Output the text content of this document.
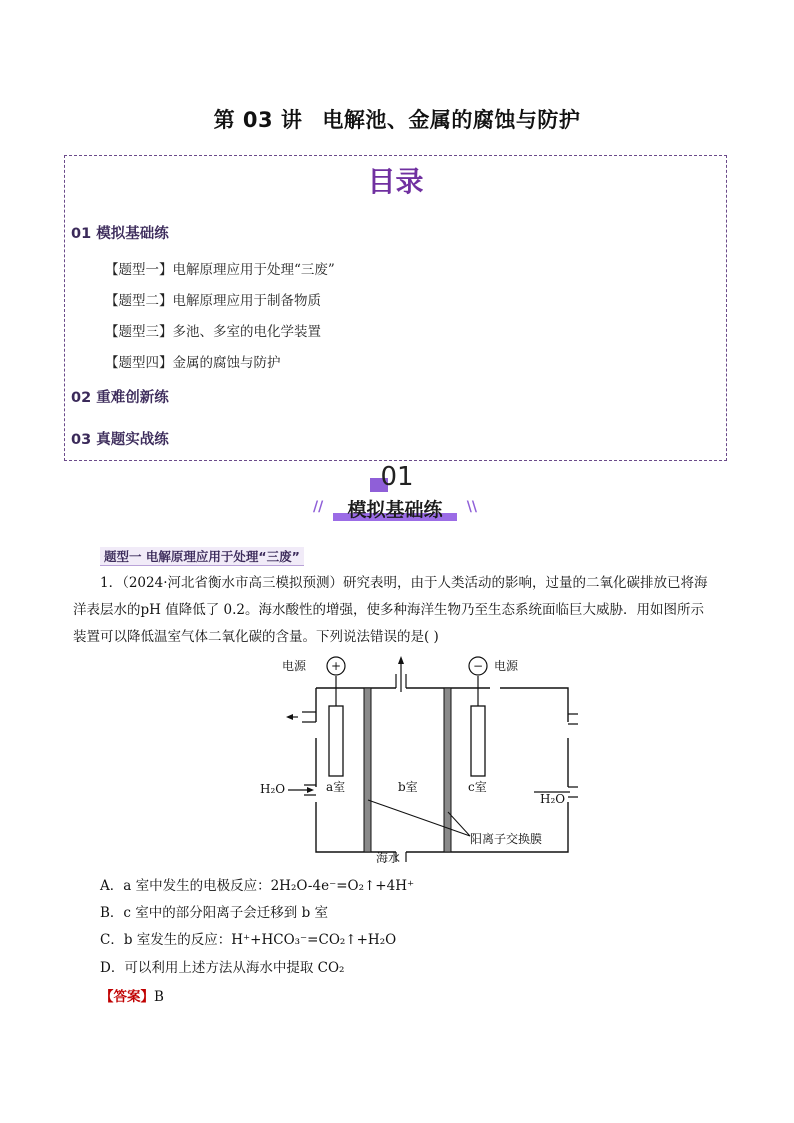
第 03 讲 电解池、金属的腐蚀与防护
目录
01 模拟基础练
【题型一】电解原理应用于处理“三废”
【题型二】电解原理应用于制备物质
【题型三】多池、多室的电化学装置
【题型四】金属的腐蚀与防护
02 重难创新练
03 真题实战练
01
//	模拟基础练	\\
题型一 电解原理应用于处理“三废”
1．（2024·河北省衡水市高三模拟预测）研究表明，由于人类活动的影响，过量的二氧化碳排放已将海
洋表层水的pH 值降低了 0.2。海水酸性的增强，使多种海洋生物乃至生态系统面临巨大威胁．用如图所示
装置可以降低温室气体二氧化碳的含量。下列说法错误的是( )
电源	电源
+	−
a室	b室	c室
H₂O
H₂O
阳离子交换膜
海水
A．a 室中发生的电极反应：2H₂O-4e⁻=O₂↑+4H⁺
B．c 室中的部分阳离子会迁移到 b 室
C．b 室发生的反应：H⁺+HCO₃⁻=CO₂↑+H₂O
D．可以利用上述方法从海水中提取 CO₂
【答案】B
